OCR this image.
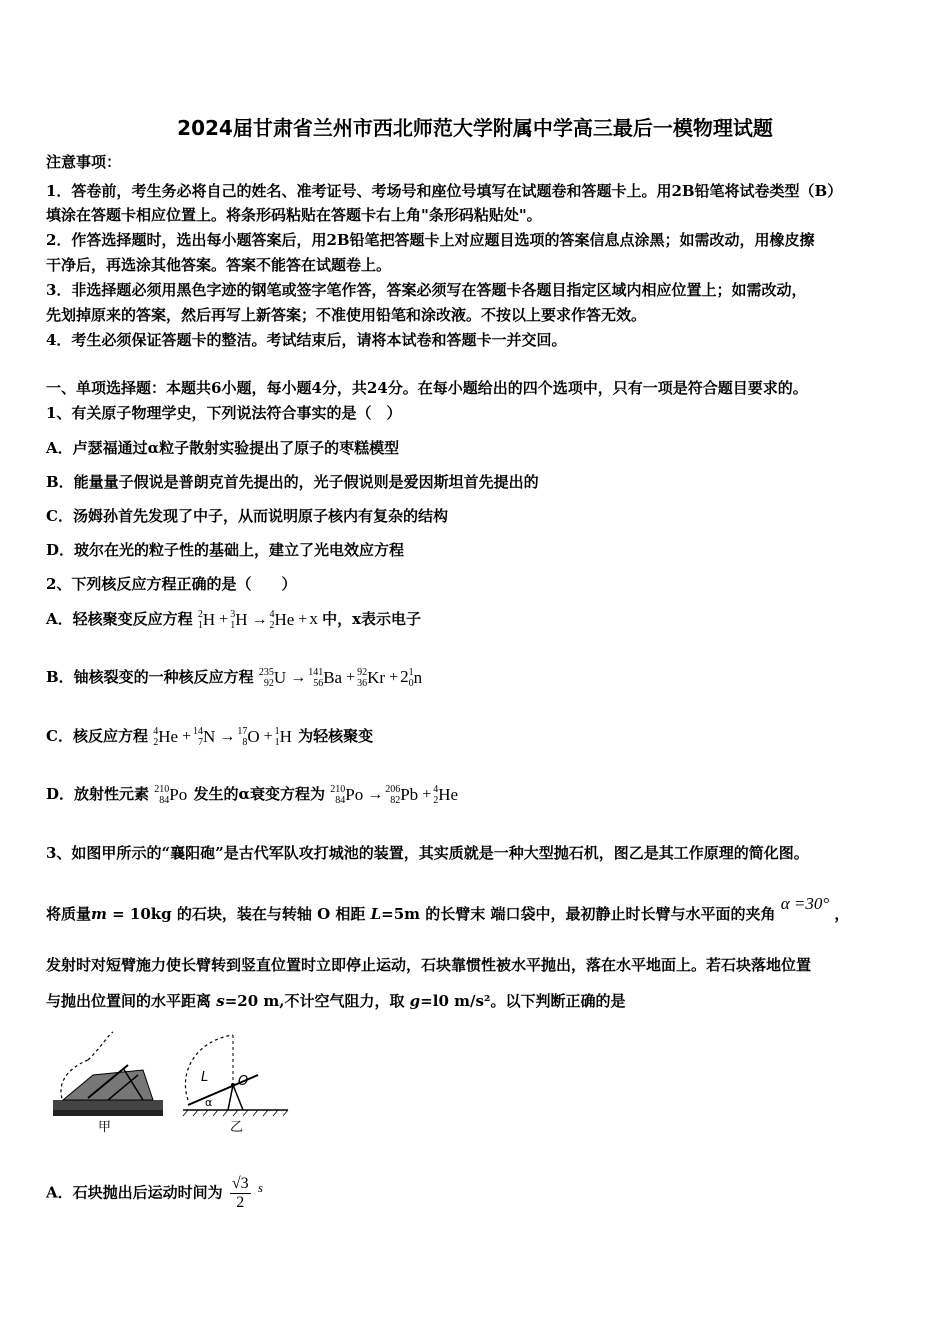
2024届甘肃省兰州市西北师范大学附属中学高三最后一模物理试题
注意事项：
1．答卷前，考生务必将自己的姓名、准考证号、考场号和座位号填写在试题卷和答题卡上。用2B铅笔将试卷类型（B）
填涂在答题卡相应位置上。将条形码粘贴在答题卡右上角"条形码粘贴处"。
2．作答选择题时，选出每小题答案后，用2B铅笔把答题卡上对应题目选项的答案信息点涂黑；如需改动，用橡皮擦
干净后，再选涂其他答案。答案不能答在试题卷上。
3．非选择题必须用黑色字迹的钢笔或签字笔作答，答案必须写在答题卡各题目指定区域内相应位置上；如需改动，
先划掉原来的答案，然后再写上新答案；不准使用铅笔和涂改液。不按以上要求作答无效。
4．考生必须保证答题卡的整洁。考试结束后，请将本试卷和答题卡一并交回。
一、单项选择题：本题共6小题，每小题4分，共24分。在每小题给出的四个选项中，只有一项是符合题目要求的。
1、有关原子物理学史，下列说法符合事实的是（　）
A．卢瑟福通过α粒子散射实验提出了原子的枣糕模型
B．能量量子假说是普朗克首先提出的，光子假说则是爱因斯坦首先提出的
C．汤姆孙首先发现了中子，从而说明原子核内有复杂的结构
D．玻尔在光的粒子性的基础上，建立了光电效应方程
2、下列核反应方程正确的是（　　）
A．轻核聚变反应方程 2
1 H + 3
1 H → 4
2 He + x 中，x表示电子
B．铀核裂变的一种核反应方程 235
92 U → 141
56 Ba + 92
36 Kr + 2 1
0 n
C．核反应方程 4
2 He + 14
7 N → 17
8 O + 1
1 H 为轻核聚变
D．放射性元素 210
84 Po 发生的α衰变方程为 210
84 Po → 206
82 Pb + 4
2 He
3、如图甲所示的“襄阳砲”是古代军队攻打城池的装置，其实质就是一种大型抛石机，图乙是其工作原理的简化图。
将质量m = 10kg 的石块，装在与转轴 O 相距 L=5m 的长臂末 端口袋中，最初静止时长臂与水平面的夹角 α =30° ，
发射时对短臂施力使长臂转到竖直位置时立即停止运动，石块靠惯性被水平抛出，落在水平地面上。若石块落地位置
与抛出位置间的水平距离 s=20 m,不计空气阻力，取 g=l0 m/s²。以下判断正确的是
甲	乙
L O
α
A．石块抛出后运动时间为 $\frac{√3}{2}$ s
